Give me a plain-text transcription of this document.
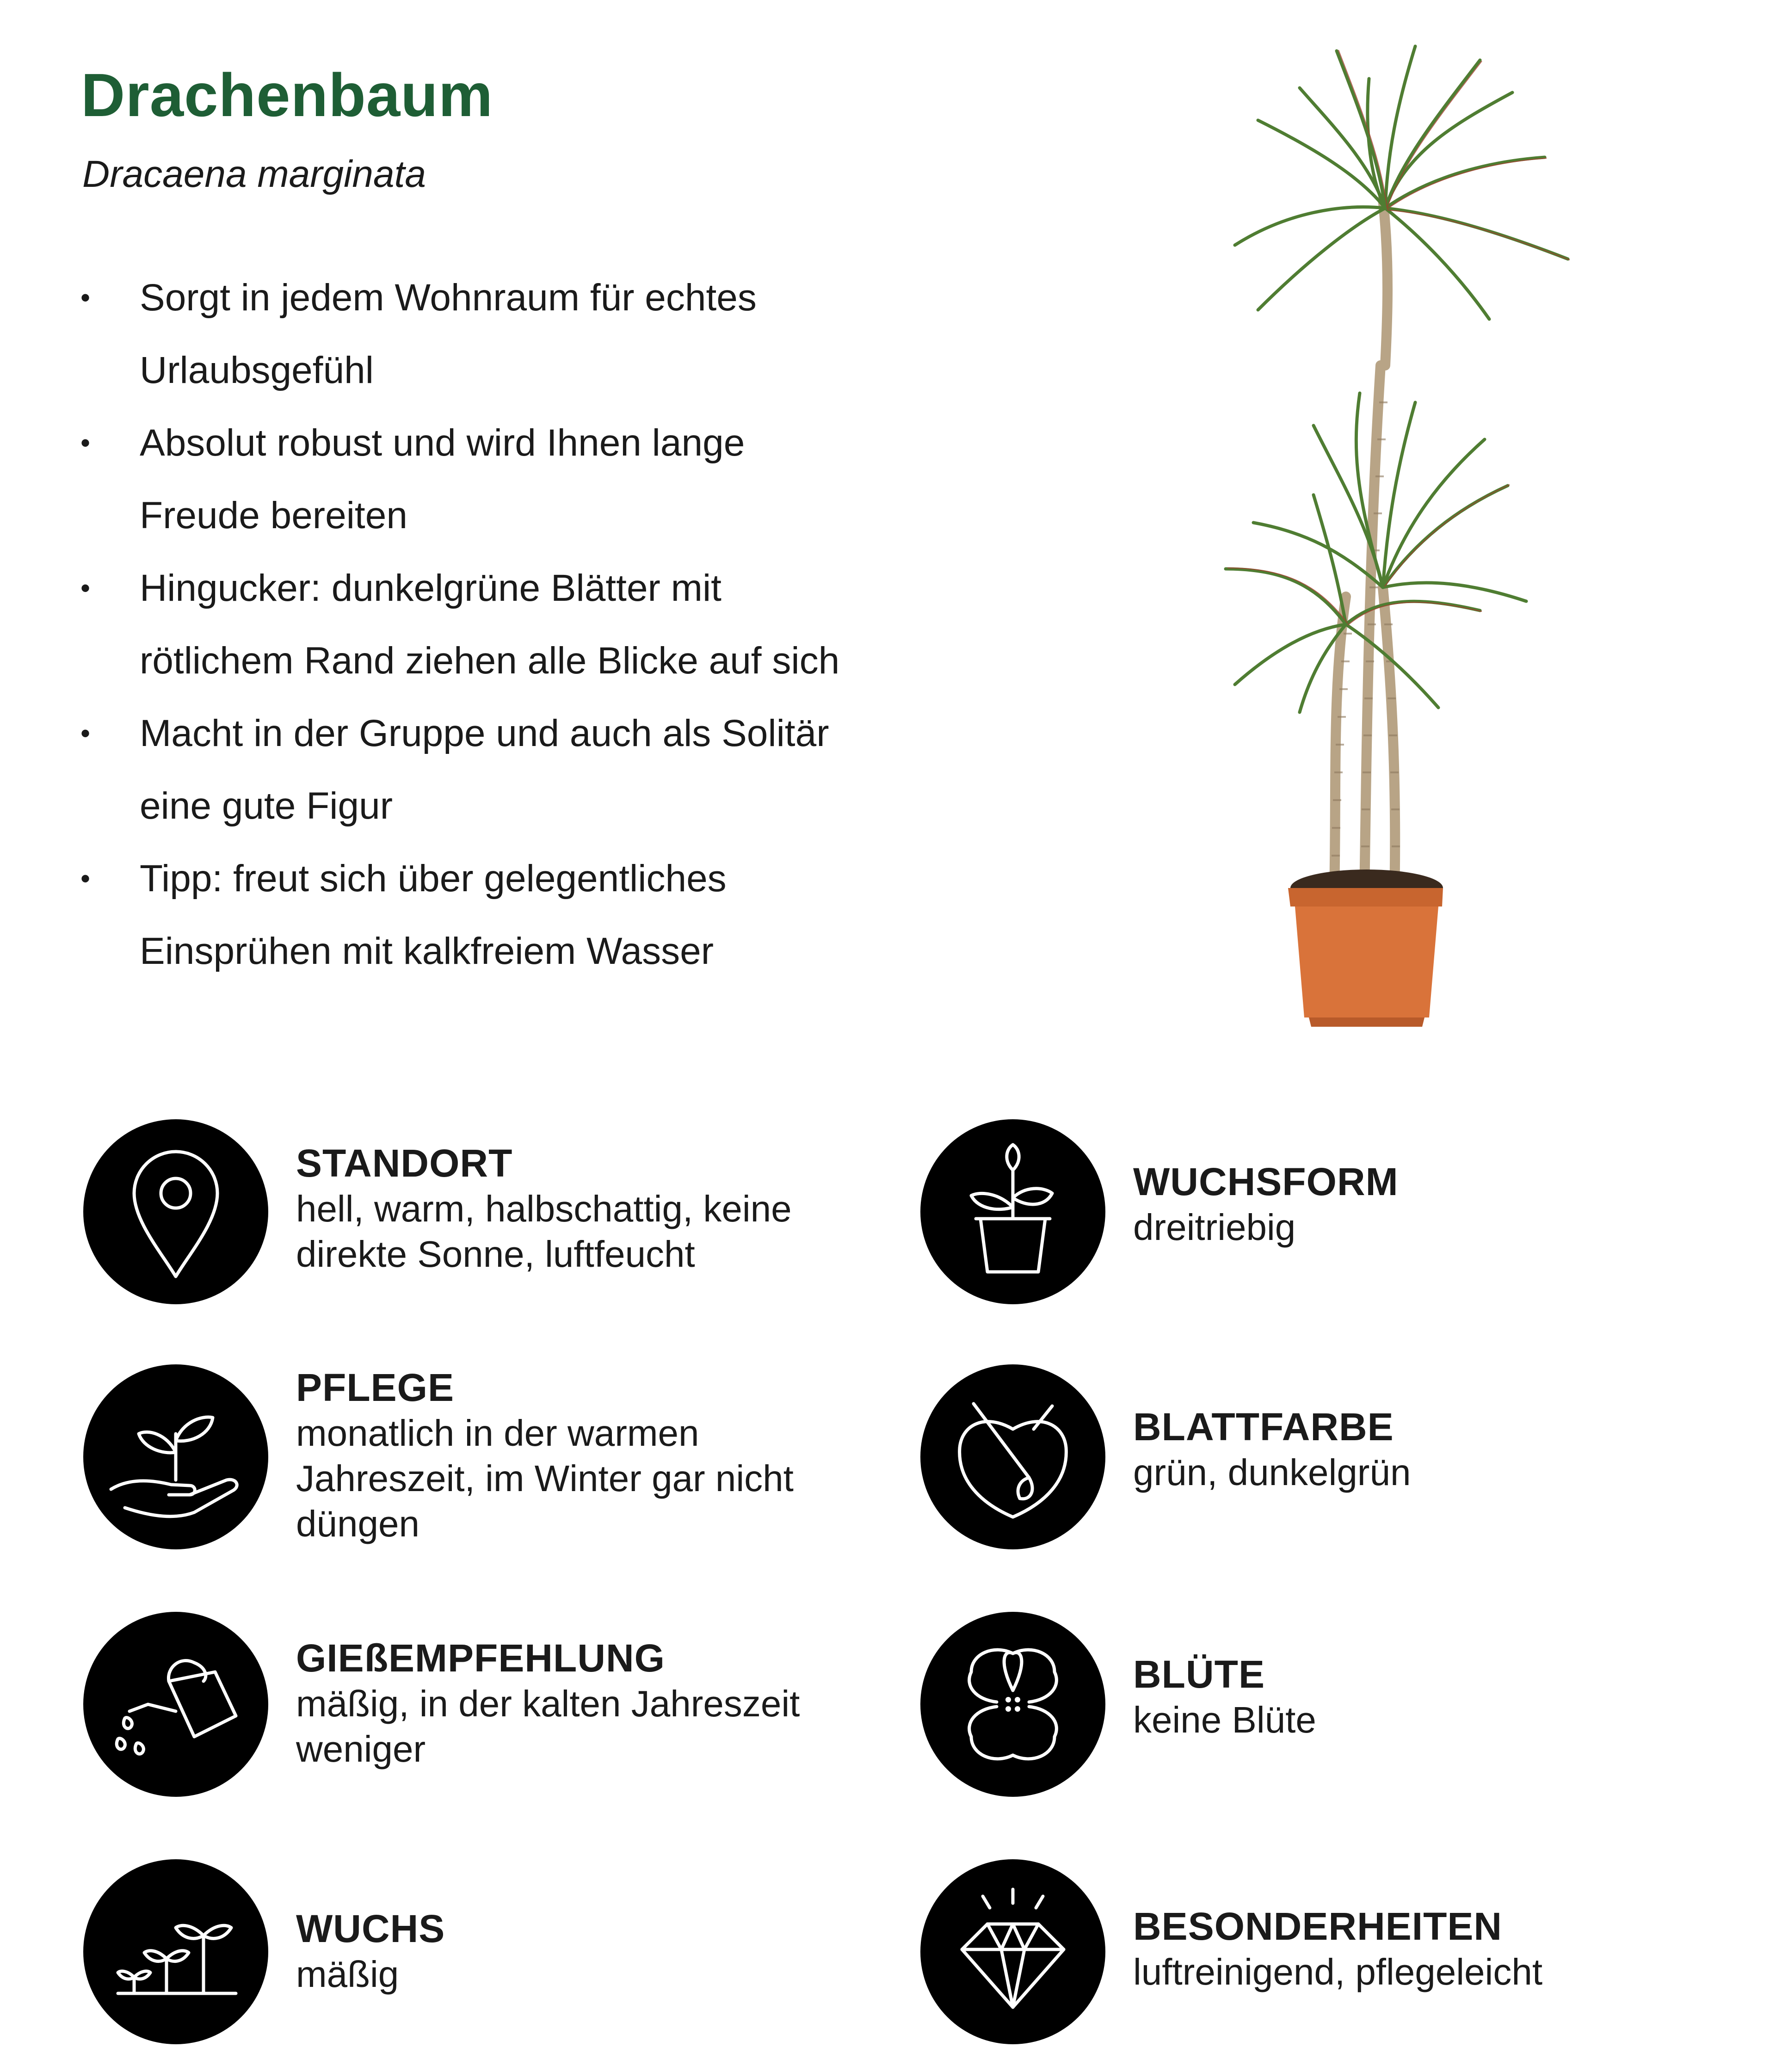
Drachenbaum
Dracaena marginata
• Sorgt in jedem Wohnraum für echtes
Urlaubsgefühl
• Absolut robust und wird Ihnen lange
Freude bereiten
• Hingucker: dunkelgrüne Blätter mit
rötlichem Rand ziehen alle Blicke auf sich
• Macht in der Gruppe und auch als Solitär
eine gute Figur
• Tipp: freut sich über gelegentliches
Einsprühen mit kalkfreiem Wasser
STANDORT
hell, warm, halbschattig, keine direkte Sonne, luftfeucht
PFLEGE
monatlich in der warmen Jahreszeit, im Winter gar nicht düngen
GIEßEMPFEHLUNG
mäßig, in der kalten Jahreszeit weniger
WUCHS
mäßig
WUCHSFORM
dreitriebig
BLATTFARBE
grün, dunkelgrün
BLÜTE
keine Blüte
BESONDERHEITEN
luftreinigend, pflegeleicht
